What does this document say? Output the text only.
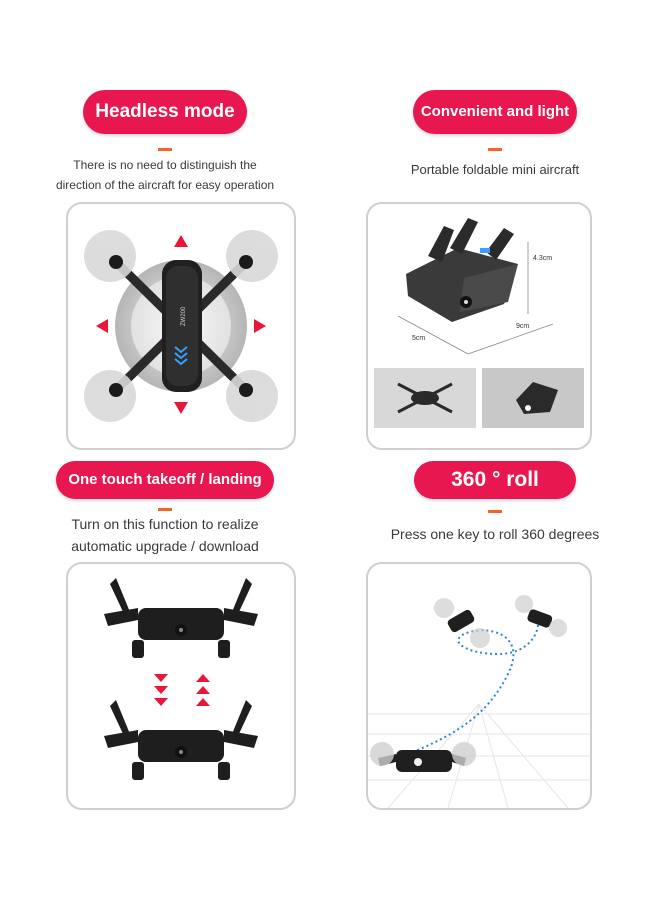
Headless mode
There is no need to distinguish the
direction of the aircraft for easy operation
ZW200
Convenient and light
Portable foldable mini aircraft
4.3cm
9cm
5cm
One touch takeoff / landing
Turn on this function to realize
automatic upgrade / download
360 ° roll
Press one key to roll 360 degrees
